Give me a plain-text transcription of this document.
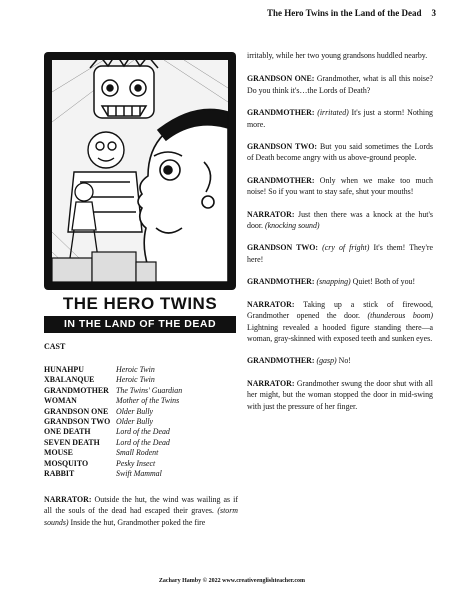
The Hero Twins in the Land of the Dead 3
THE HERO TWINS
IN THE LAND OF THE DEAD
CAST
HUNAHPU	Heroic Twin
XBALANQUE	Heroic Twin
GRANDMOTHER The Twins' Guardian
WOMAN	Mother of the Twins
GRANDSON ONE Older Bully
GRANDSON TWO Older Bully
ONE DEATH	Lord of the Dead
SEVEN DEATH	Lord of the Dead
MOUSE	Small Rodent
MOSQUITO	Pesky Insect
RABBIT	Swift Mammal
NARRATOR: Outside the hut, the wind was wailing as if all the souls of the dead had escaped their graves. (storm sounds) Inside the hut, Grandmother poked the fire

irritably, while her two young grandsons huddled nearby.

GRANDSON ONE: Grandmother, what is all this noise? Do you think it's…the Lords of Death?

GRANDMOTHER: (irritated) It's just a storm! Nothing more.

GRANDSON TWO: But you said sometimes the Lords of Death become angry with us above-ground people.

GRANDMOTHER: Only when we make too much noise! So if you want to stay safe, shut your mouths!

NARRATOR: Just then there was a knock at the hut's door. (knocking sound)

GRANDSON TWO: (cry of fright) It's them! They're here!

GRANDMOTHER: (snapping) Quiet! Both of you!

NARRATOR: Taking up a stick of firewood, Grandmother opened the door. (thunderous boom) Lightning revealed a hooded figure standing there—a woman, gray-skinned with exposed teeth and sunken eyes.

GRANDMOTHER: (gasp) No!

NARRATOR: Grandmother swung the door shut with all her might, but the woman stopped the door in mid-swing with just the pressure of her finger.

Zachary Hamby © 2022 www.creativeenglishteacher.com
